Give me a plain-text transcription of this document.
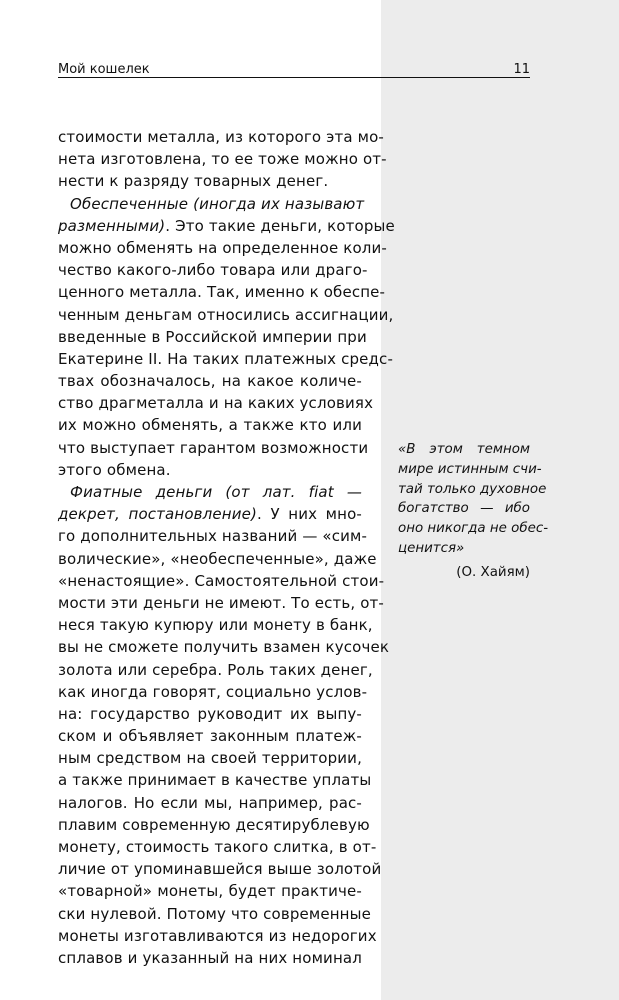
Мой кошелек	11
стоимости металла, из которого эта мо-
нета изготовлена, то ее тоже можно от-
нести к разряду товарных денег.
Обеспеченные (иногда их называют
разменными). Это такие деньги, которые
можно обменять на определенное коли-
чество какого-либо товара или драго-
ценного металла. Так, именно к обеспе-
ченным деньгам относились ассигнации,
введенные в Российской империи при
Екатерине II. На таких платежных средс-
твах обозначалось, на какое количе-
ство драгметалла и на каких условиях
их можно обменять, а также кто или
что выступает гарантом возможности
этого обмена.
Фиатные деньги (от лат. fiat —
декрет, постановление). У них мно-
го дополнительных названий — «сим-
волические», «необеспеченные», даже
«ненастоящие». Самостоятельной стои-
мости эти деньги не имеют. То есть, от-
неся такую купюру или монету в банк,
вы не сможете получить взамен кусочек
золота или серебра. Роль таких денег,
как иногда говорят, социально услов-
на: государство руководит их выпу-
ском и объявляет законным платеж-
ным средством на своей территории,
а также принимает в качестве уплаты
налогов. Но если мы, например, рас-
плавим современную десятирублевую
монету, стоимость такого слитка, в от-
личие от упоминавшейся выше золотой
«товарной» монеты, будет практиче-
ски нулевой. Потому что современные
монеты изготавливаются из недорогих
сплавов и указанный на них номинал
«В этом темном
мире истинным счи-
тай только духовное
богатство — ибо
оно никогда не обес-
ценится»
(О. Хайям)
